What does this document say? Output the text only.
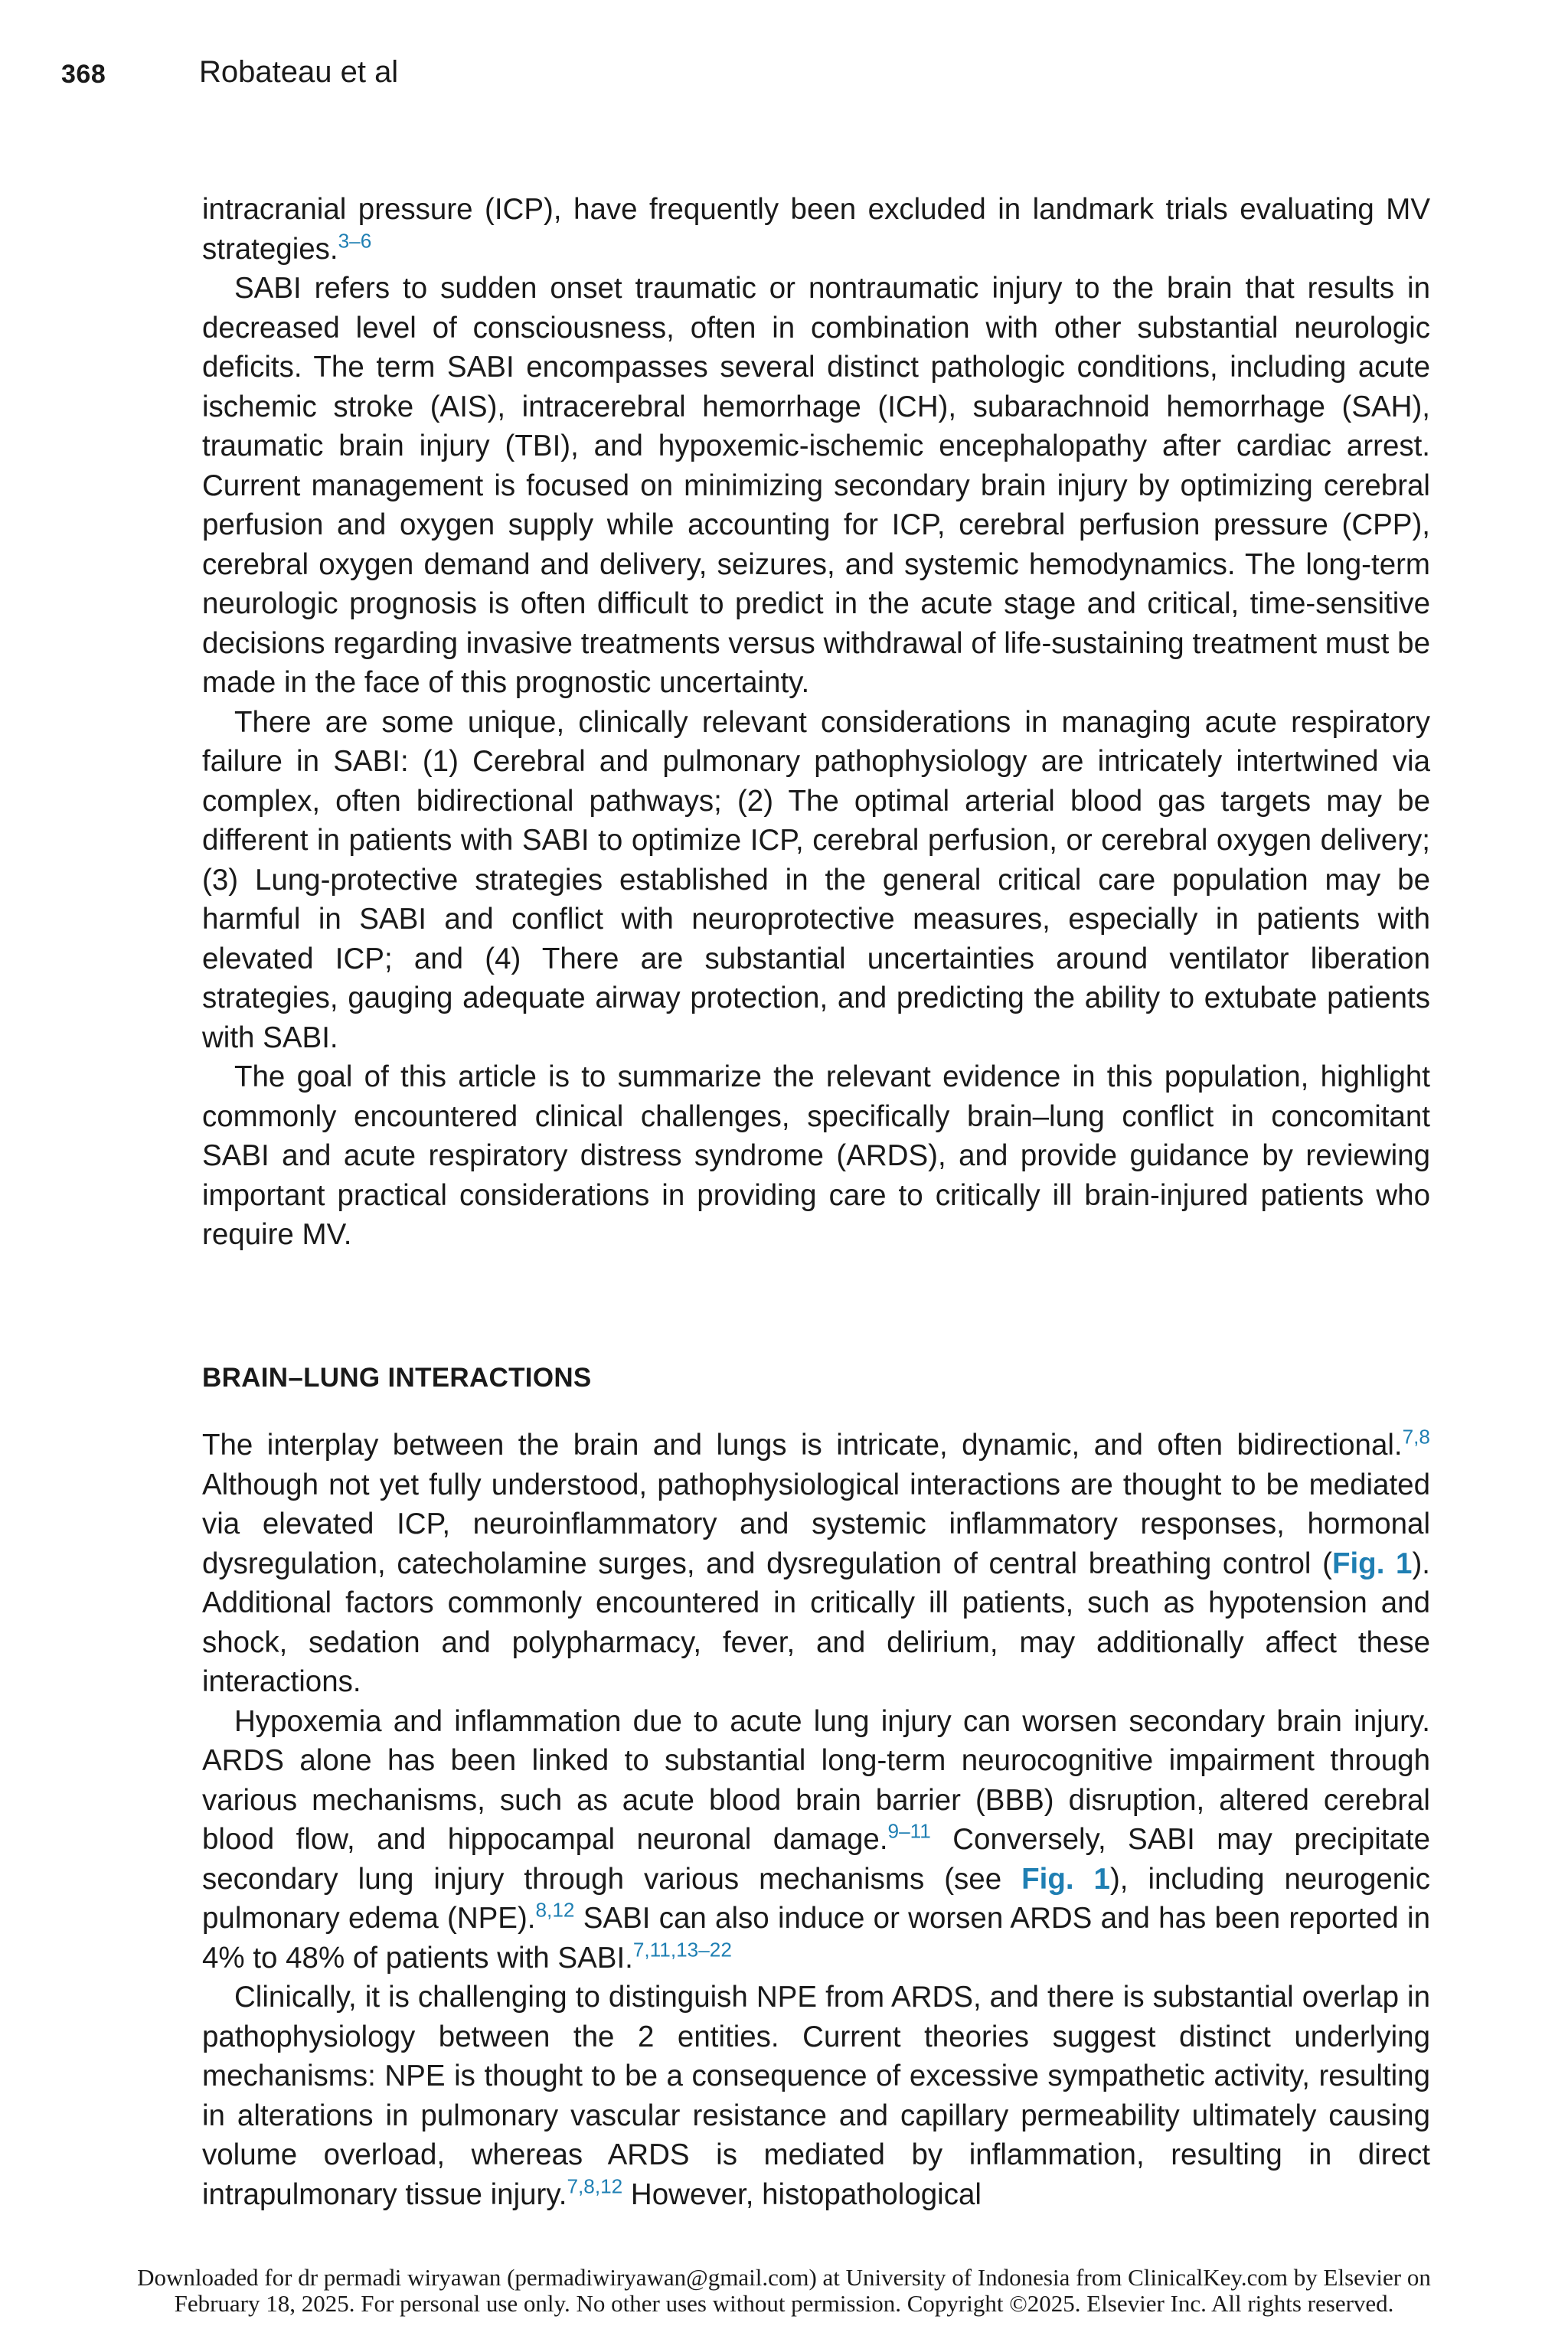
368	Robateau et al

intracranial pressure (ICP), have frequently been excluded in landmark trials evaluating MV strategies.$^{3-6}$

SABI refers to sudden onset traumatic or nontraumatic injury to the brain that results in decreased level of consciousness, often in combination with other substantial neurologic deficits. The term SABI encompasses several distinct pathologic conditions, including acute ischemic stroke (AIS), intracerebral hemorrhage (ICH), subarachnoid hemorrhage (SAH), traumatic brain injury (TBI), and hypoxemic-ischemic encephalopathy after cardiac arrest. Current management is focused on minimizing secondary brain injury by optimizing cerebral perfusion and oxygen supply while accounting for ICP, cerebral perfusion pressure (CPP), cerebral oxygen demand and delivery, seizures, and systemic hemodynamics. The long-term neurologic prognosis is often difficult to predict in the acute stage and critical, time-sensitive decisions regarding invasive treatments versus withdrawal of life-sustaining treatment must be made in the face of this prognostic uncertainty.

There are some unique, clinically relevant considerations in managing acute respiratory failure in SABI: (1) Cerebral and pulmonary pathophysiology are intricately intertwined via complex, often bidirectional pathways; (2) The optimal arterial blood gas targets may be different in patients with SABI to optimize ICP, cerebral perfusion, or cerebral oxygen delivery; (3) Lung-protective strategies established in the general critical care population may be harmful in SABI and conflict with neuroprotective measures, especially in patients with elevated ICP; and (4) There are substantial uncertainties around ventilator liberation strategies, gauging adequate airway protection, and predicting the ability to extubate patients with SABI.

The goal of this article is to summarize the relevant evidence in this population, highlight commonly encountered clinical challenges, specifically brain–lung conflict in concomitant SABI and acute respiratory distress syndrome (ARDS), and provide guidance by reviewing important practical considerations in providing care to critically ill brain-injured patients who require MV.

BRAIN–LUNG INTERACTIONS

The interplay between the brain and lungs is intricate, dynamic, and often bidirectional.$^{7,8}$ Although not yet fully understood, pathophysiological interactions are thought to be mediated via elevated ICP, neuroinflammatory and systemic inflammatory responses, hormonal dysregulation, catecholamine surges, and dysregulation of central breathing control (Fig. 1). Additional factors commonly encountered in critically ill patients, such as hypotension and shock, sedation and polypharmacy, fever, and delirium, may additionally affect these interactions.

Hypoxemia and inflammation due to acute lung injury can worsen secondary brain injury. ARDS alone has been linked to substantial long-term neurocognitive impairment through various mechanisms, such as acute blood brain barrier (BBB) disruption, altered cerebral blood flow, and hippocampal neuronal damage.$^{9-11}$ Conversely, SABI may precipitate secondary lung injury through various mechanisms (see Fig. 1), including neurogenic pulmonary edema (NPE).$^{8,12}$ SABI can also induce or worsen ARDS and has been reported in 4% to 48% of patients with SABI.$^{7,11,13-22}$

Clinically, it is challenging to distinguish NPE from ARDS, and there is substantial overlap in pathophysiology between the 2 entities. Current theories suggest distinct underlying mechanisms: NPE is thought to be a consequence of excessive sympathetic activity, resulting in alterations in pulmonary vascular resistance and capillary permeability ultimately causing volume overload, whereas ARDS is mediated by inflammation, resulting in direct intrapulmonary tissue injury.$^{7,8,12}$ However, histopathological

Downloaded for dr permadi wiryawan (permadiwiryawan@gmail.com) at University of Indonesia from ClinicalKey.com by Elsevier on
February 18, 2025. For personal use only. No other uses without permission. Copyright ©2025. Elsevier Inc. All rights reserved.
